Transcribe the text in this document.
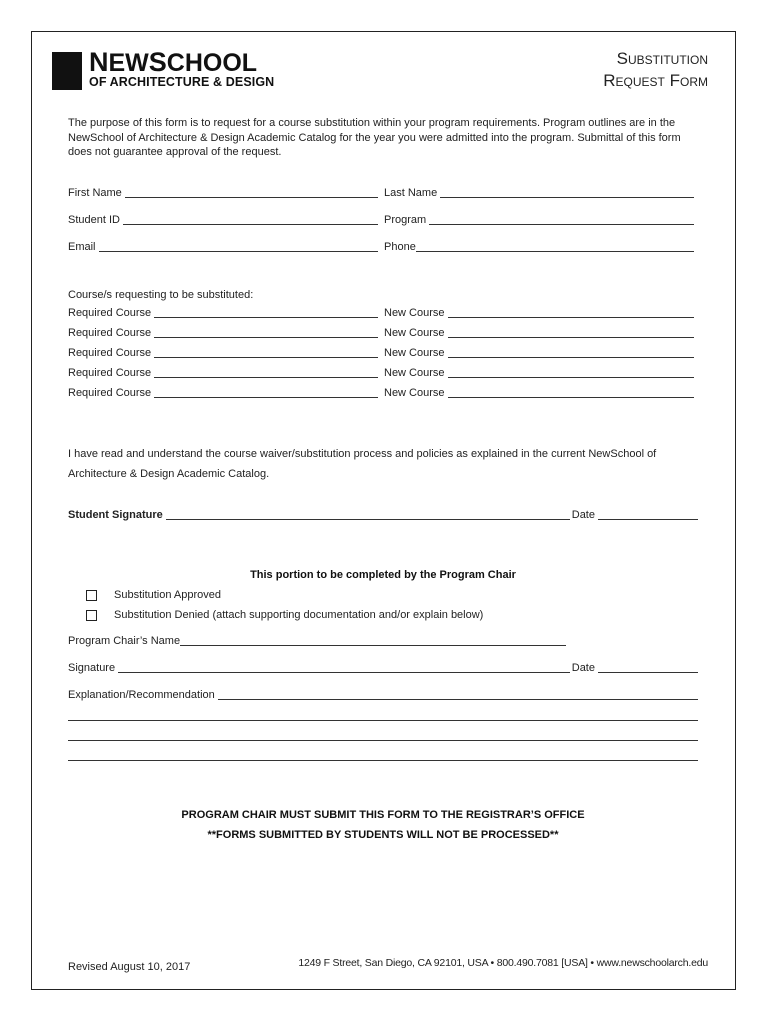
NEWSCHOOL
OF ARCHITECTURE & DESIGN
Substitution
Request Form
The purpose of this form is to request for a course substitution within your program requirements. Program outlines are in the NewSchool of Architecture & Design Academic Catalog for the year you were admitted into the program. Submittal of this form does not guarantee approval of the request.
First Name	Last Name
Student ID	Program
Email	Phone
Course/s requesting to be substituted:
Required Course	New Course
Required Course	New Course
Required Course	New Course
Required Course	New Course
Required Course	New Course
I have read and understand the course waiver/substitution process and policies as explained in the current NewSchool of Architecture & Design Academic Catalog.
Student Signature	Date
This portion to be completed by the Program Chair
Substitution Approved
Substitution Denied (attach supporting documentation and/or explain below)
Program Chair’s Name
Signature	Date
Explanation/Recommendation
PROGRAM CHAIR MUST SUBMIT THIS FORM TO THE REGISTRAR’S OFFICE
**FORMS SUBMITTED BY STUDENTS WILL NOT BE PROCESSED**
Revised August 10, 2017	1249 F Street, San Diego, CA 92101, USA • 800.490.7081 [USA] • www.newschoolarch.edu
